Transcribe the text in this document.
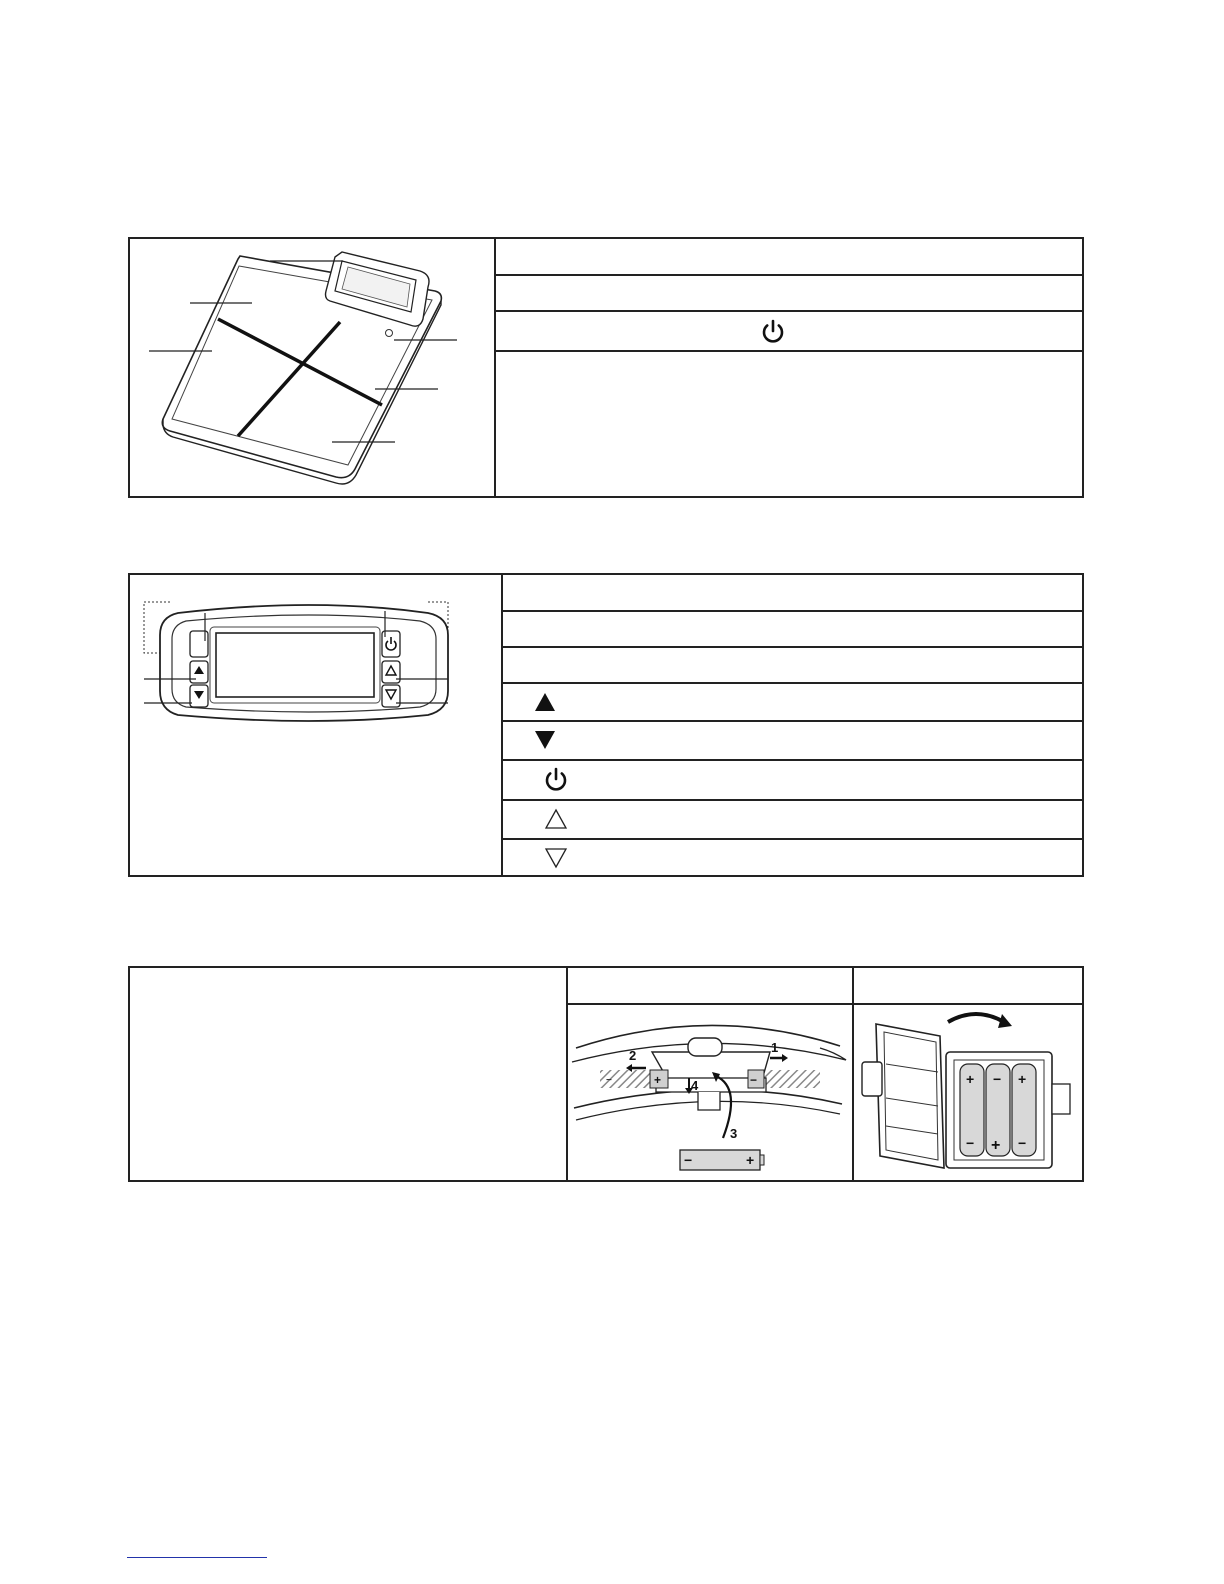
+	−
−
1
2
3
4
−	+
+
−
−
+
+
−
